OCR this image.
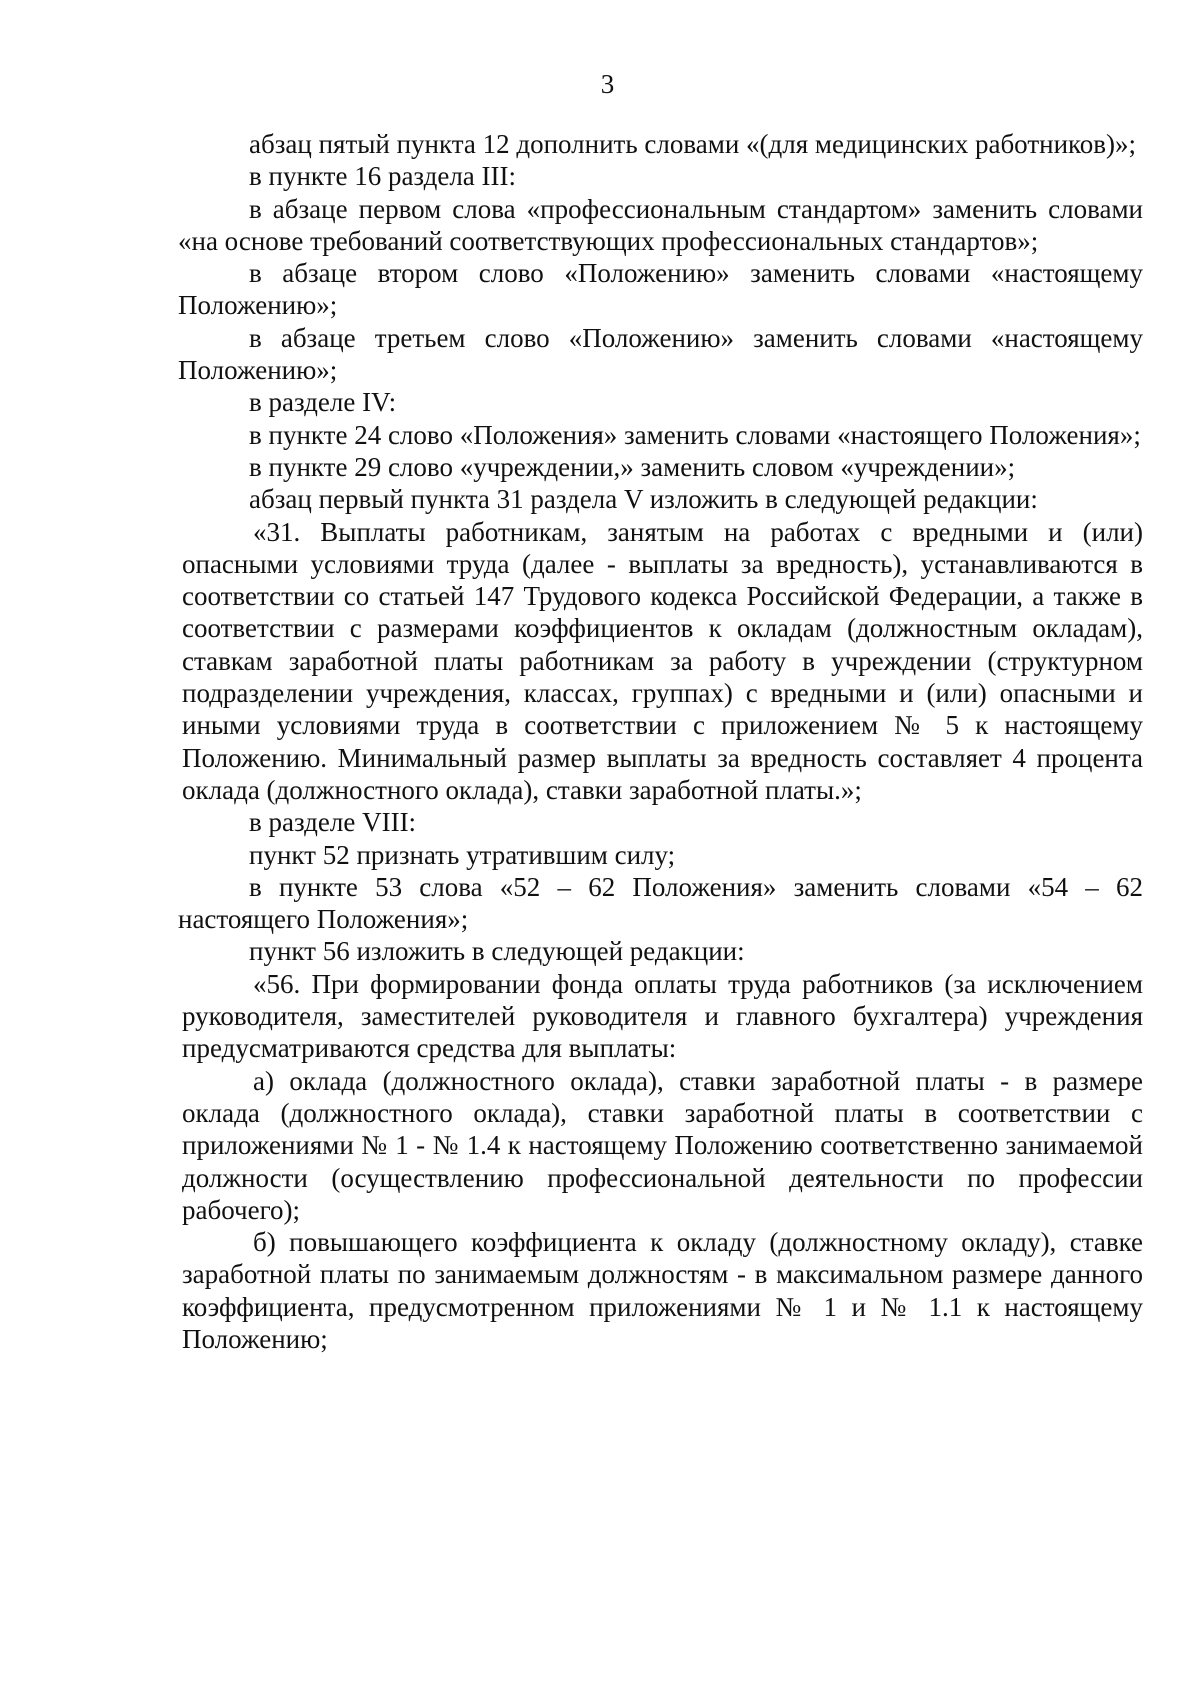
3

абзац пятый пункта 12 дополнить словами «(для медицинских работников)»;

в пункте 16 раздела III:

в абзаце первом слова «профессиональным стандартом» заменить словами «на основе требований соответствующих профессиональных стандартов»;

в абзаце втором слово «Положению» заменить словами «настоящему Положению»;

в абзаце третьем слово «Положению» заменить словами «настоящему Положению»;

в разделе IV:

в пункте 24 слово «Положения» заменить словами «настоящего Положения»;

в пункте 29 слово «учреждении,» заменить словом «учреждении»;

абзац первый пункта 31 раздела V изложить в следующей редакции:

«31. Выплаты работникам, занятым на работах с вредными и (или) опасными условиями труда (далее - выплаты за вредность), устанавливаются в соответствии со статьей 147 Трудового кодекса Российской Федерации, а также в соответствии с размерами коэффициентов к окладам (должностным окладам), ставкам заработной платы работникам за работу в учреждении (структурном подразделении учреждения, классах, группах) с вредными и (или) опасными и иными условиями труда в соответствии с приложением № 5 к настоящему Положению. Минимальный размер выплаты за вредность составляет 4 процента оклада (должностного оклада), ставки заработной платы.»;

в разделе VIII:

пункт 52 признать утратившим силу;

в пункте 53 слова «52 – 62 Положения» заменить словами «54 – 62 настоящего Положения»;

пункт 56 изложить в следующей редакции:

«56. При формировании фонда оплаты труда работников (за исключением руководителя, заместителей руководителя и главного бухгалтера) учреждения предусматриваются средства для выплаты:

а) оклада (должностного оклада), ставки заработной платы - в размере оклада (должностного оклада), ставки заработной платы в соответствии с приложениями № 1 - № 1.4 к настоящему Положению соответственно занимаемой должности (осуществлению профессиональной деятельности по профессии рабочего);

б) повышающего коэффициента к окладу (должностному окладу), ставке заработной платы по занимаемым должностям - в максимальном размере данного коэффициента, предусмотренном приложениями № 1 и № 1.1 к настоящему Положению;
